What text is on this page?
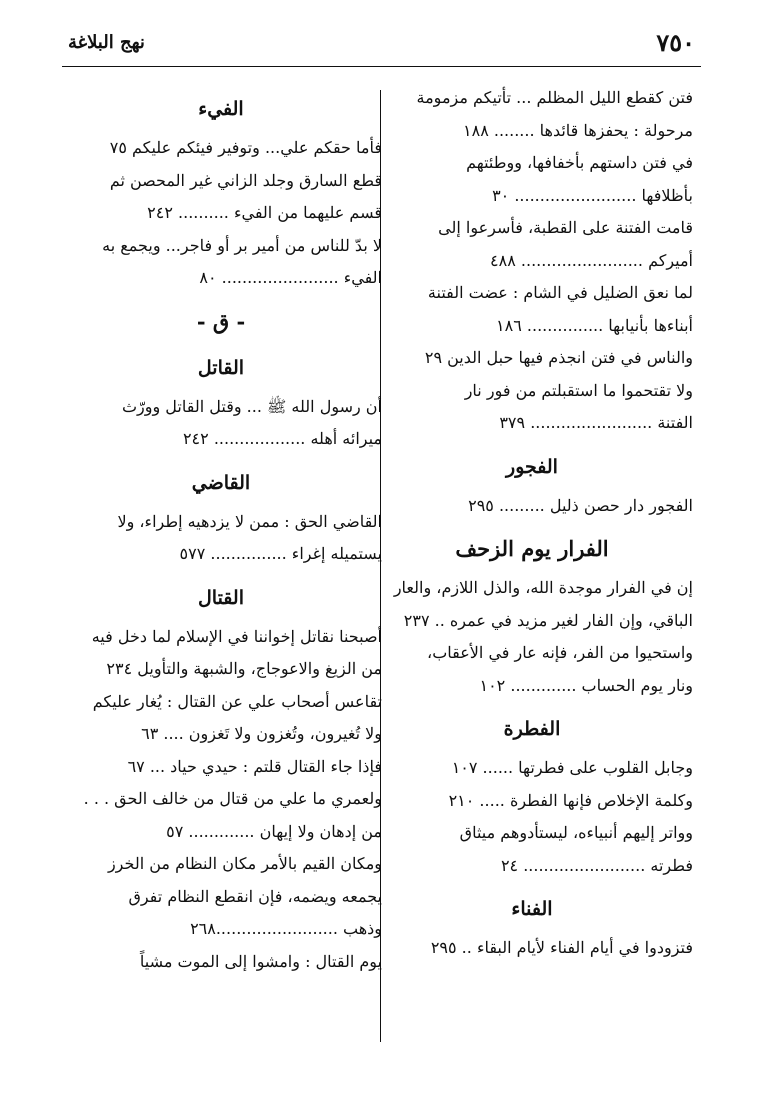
٧٥٠
نهج البلاغة

فتن كقطع الليل المظلم ... تأتيكم مزمومة

مرحولة : يحفزها قائدها ........ ١٨٨

في فتن داستهم بأخفافها، ووطئتهم

بأظلافها ........................ ٣٠

قامت الفتنة على القطبة، فأسرعوا إلى

أميركم ........................ ٤٨٨

لما نعق الضليل في الشام : عضت الفتنة

أبناءها بأنيابها ............... ١٨٦

والناس في فتن انجذم فيها حبل الدين ٢٩

ولا تقتحموا ما استقبلتم من فور نار

الفتنة ........................ ٣٧٩

الفجور

الفجور دار حصن ذليل ......... ٢٩٥

الفرار يوم الزحف

إن في الفرار موجدة الله، والذل اللازم، والعار

الباقي، وإن الفار لغير مزيد في عمره .. ٢٣٧

واستحيوا من الفر، فإنه عار في الأعقاب،

ونار يوم الحساب ............. ١٠٢

الفطرة

وجابل القلوب على فطرتها ...... ١٠٧

وكلمة الإخلاص فإنها الفطرة ..... ٢١٠

وواتر إليهم أنبياءه، ليستأدوهم ميثاق

فطرته ........................ ٢٤

الفناء

فتزودوا في أيام الفناء لأيام البقاء .. ٢٩٥

الفيء

فأما حقكم علي... وتوفير فيئكم عليكم ٧٥

قطع السارق وجلد الزاني غير المحصن ثم

قسم عليهما من الفيء .......... ٢٤٢

لا بدّ للناس من أمير بر أو فاجر... ويجمع به

الفيء ....................... ٨٠

- ق -
القاتل

أن رسول الله ﷺ ... وقتل القاتل وورّث

ميرائه أهله .................. ٢٤٢

القاضي

القاضي الحق : ممن لا يزدهيه إطراء، ولا

يستميله إغراء ............... ٥٧٧

القتال

أصبحنا نقاتل إخواننا في الإسلام لما دخل فيه

من الزيغ والاعوجاج، والشبهة والتأويل ٢٣٤

تقاعس أصحاب علي عن القتال : يُغار عليكم

ولا تُغيرون، وتُغزون ولا تَغزون .... ٦٣

فإذا جاء القتال قلتم : حيدي حياد ... ٦٧

ولعمري ما علي من قتال من خالف الحق . . .

من إدهان ولا إيهان ............. ٥٧

ومكان القيم بالأمر مكان النظام من الخرز

يجمعه ويضمه، فإن انقطع النظام تفرق

وذهب ........................٢٦٨

يوم القتال : وامشوا إلى الموت مشياً
